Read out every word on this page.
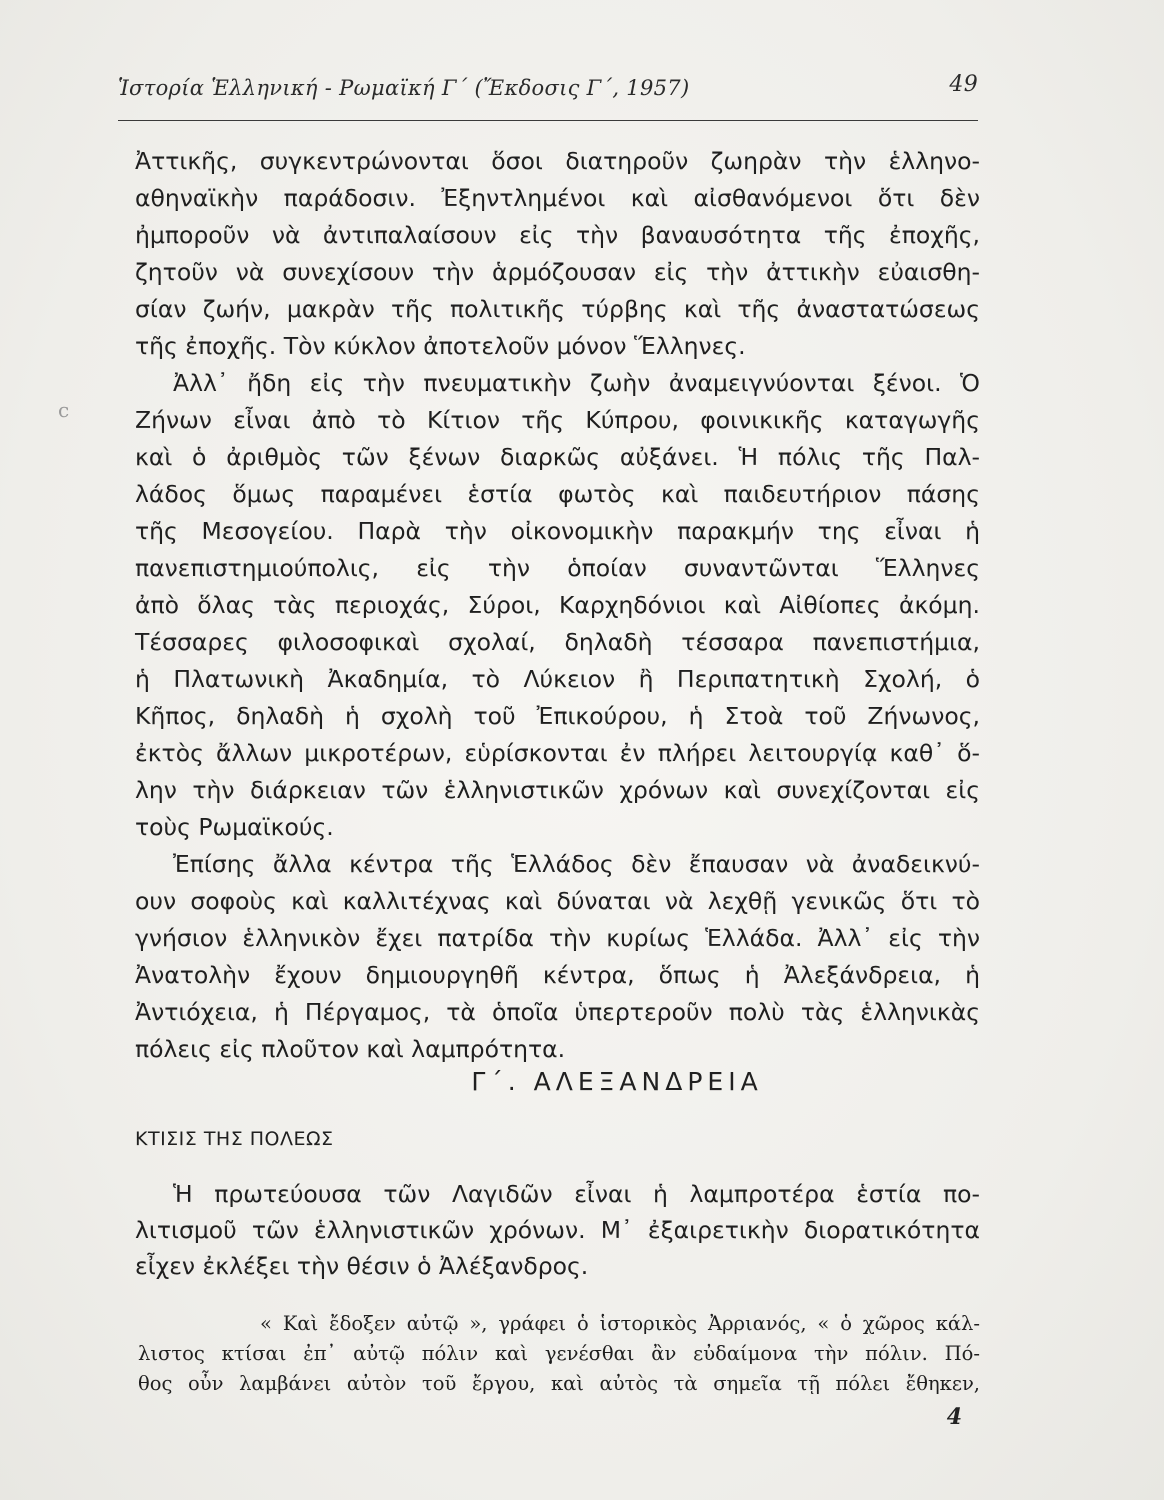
Ἱστορία Ἑλληνική - Ρωμαϊκή Γ΄ (Ἔκδοσις Γ΄, 1957)	49
c
Ἀττικῆς, συγκεντρώνονται ὅσοι διατηροῦν ζωηρὰν τὴν ἑλληνο-
αθηναϊκὴν παράδοσιν. Ἐξηντλημένοι καὶ αἰσθανόμενοι ὅτι δὲν
ἠμποροῦν νὰ ἀντιπαλαίσουν εἰς τὴν βαναυσότητα τῆς ἐποχῆς,
ζητοῦν νὰ συνεχίσουν τὴν ἁρμόζουσαν εἰς τὴν ἀττικὴν εὐαισθη-
σίαν ζωήν, μακρὰν τῆς πολιτικῆς τύρβης καὶ τῆς ἀναστατώσεως
τῆς ἐποχῆς. Τὸν κύκλον ἀποτελοῦν μόνον Ἕλληνες.
Ἀλλ᾿ ἤδη εἰς τὴν πνευματικὴν ζωὴν ἀναμειγνύονται ξένοι. Ὁ
Ζήνων εἶναι ἀπὸ τὸ Κίτιον τῆς Κύπρου, φοινικικῆς καταγωγῆς
καὶ ὁ ἀριθμὸς τῶν ξένων διαρκῶς αὐξάνει. Ἡ πόλις τῆς Παλ-
λάδος ὅμως παραμένει ἑστία φωτὸς καὶ παιδευτήριον πάσης
τῆς Μεσογείου. Παρὰ τὴν οἰκονομικὴν παρακμήν της εἶναι ἡ
πανεπιστημιούπολις, εἰς τὴν ὁποίαν συναντῶνται Ἕλληνες
ἀπὸ ὅλας τὰς περιοχάς, Σύροι, Καρχηδόνιοι καὶ Αἰθίοπες ἀκόμη.
Τέσσαρες φιλοσοφικαὶ σχολαί, δηλαδὴ τέσσαρα πανεπιστήμια,
ἡ Πλατωνικὴ Ἀκαδημία, τὸ Λύκειον ἢ Περιπατητικὴ Σχολή, ὁ
Κῆπος, δηλαδὴ ἡ σχολὴ τοῦ Ἐπικούρου, ἡ Στοὰ τοῦ Ζήνωνος,
ἐκτὸς ἄλλων μικροτέρων, εὑρίσκονται ἐν πλήρει λειτουργίᾳ καθ᾿ ὅ-
λην τὴν διάρκειαν τῶν ἑλληνιστικῶν χρόνων καὶ συνεχίζονται εἰς
τοὺς Ρωμαϊκούς.
Ἐπίσης ἄλλα κέντρα τῆς Ἑλλάδος δὲν ἔπαυσαν νὰ ἀναδεικνύ-
ουν σοφοὺς καὶ καλλιτέχνας καὶ δύναται νὰ λεχθῇ γενικῶς ὅτι τὸ
γνήσιον ἑλληνικὸν ἔχει πατρίδα τὴν κυρίως Ἑλλάδα. Ἀλλ᾿ εἰς τὴν
Ἀνατολὴν ἔχουν δημιουργηθῆ κέντρα, ὅπως ἡ Ἀλεξάνδρεια, ἡ
Ἀντιόχεια, ἡ Πέργαμος, τὰ ὁποῖα ὑπερτεροῦν πολὺ τὰς ἑλληνικὰς
πόλεις εἰς πλοῦτον καὶ λαμπρότητα.
Γ΄. ΑΛΕΞΑΝΔΡΕΙΑ
ΚΤΙΣΙΣ ΤΗΣ ΠΟΛΕΩΣ
Ἡ πρωτεύουσα τῶν Λαγιδῶν εἶναι ἡ λαμπροτέρα ἑστία πο-
λιτισμοῦ τῶν ἑλληνιστικῶν χρόνων. Μ᾿ ἐξαιρετικὴν διορατικότητα
εἶχεν ἐκλέξει τὴν θέσιν ὁ Ἀλέξανδρος.
« Καὶ ἔδοξεν αὐτῷ », γράφει ὁ ἱστορικὸς Ἀρριανός, « ὁ χῶρος κάλ-
λιστος κτίσαι ἐπ᾿ αὐτῷ πόλιν καὶ γενέσθαι ἂν εὐδαίμονα τὴν πόλιν. Πό-
θος οὖν λαμβάνει αὐτὸν τοῦ ἔργου, καὶ αὐτὸς τὰ σημεῖα τῇ πόλει ἔθηκεν,
4
